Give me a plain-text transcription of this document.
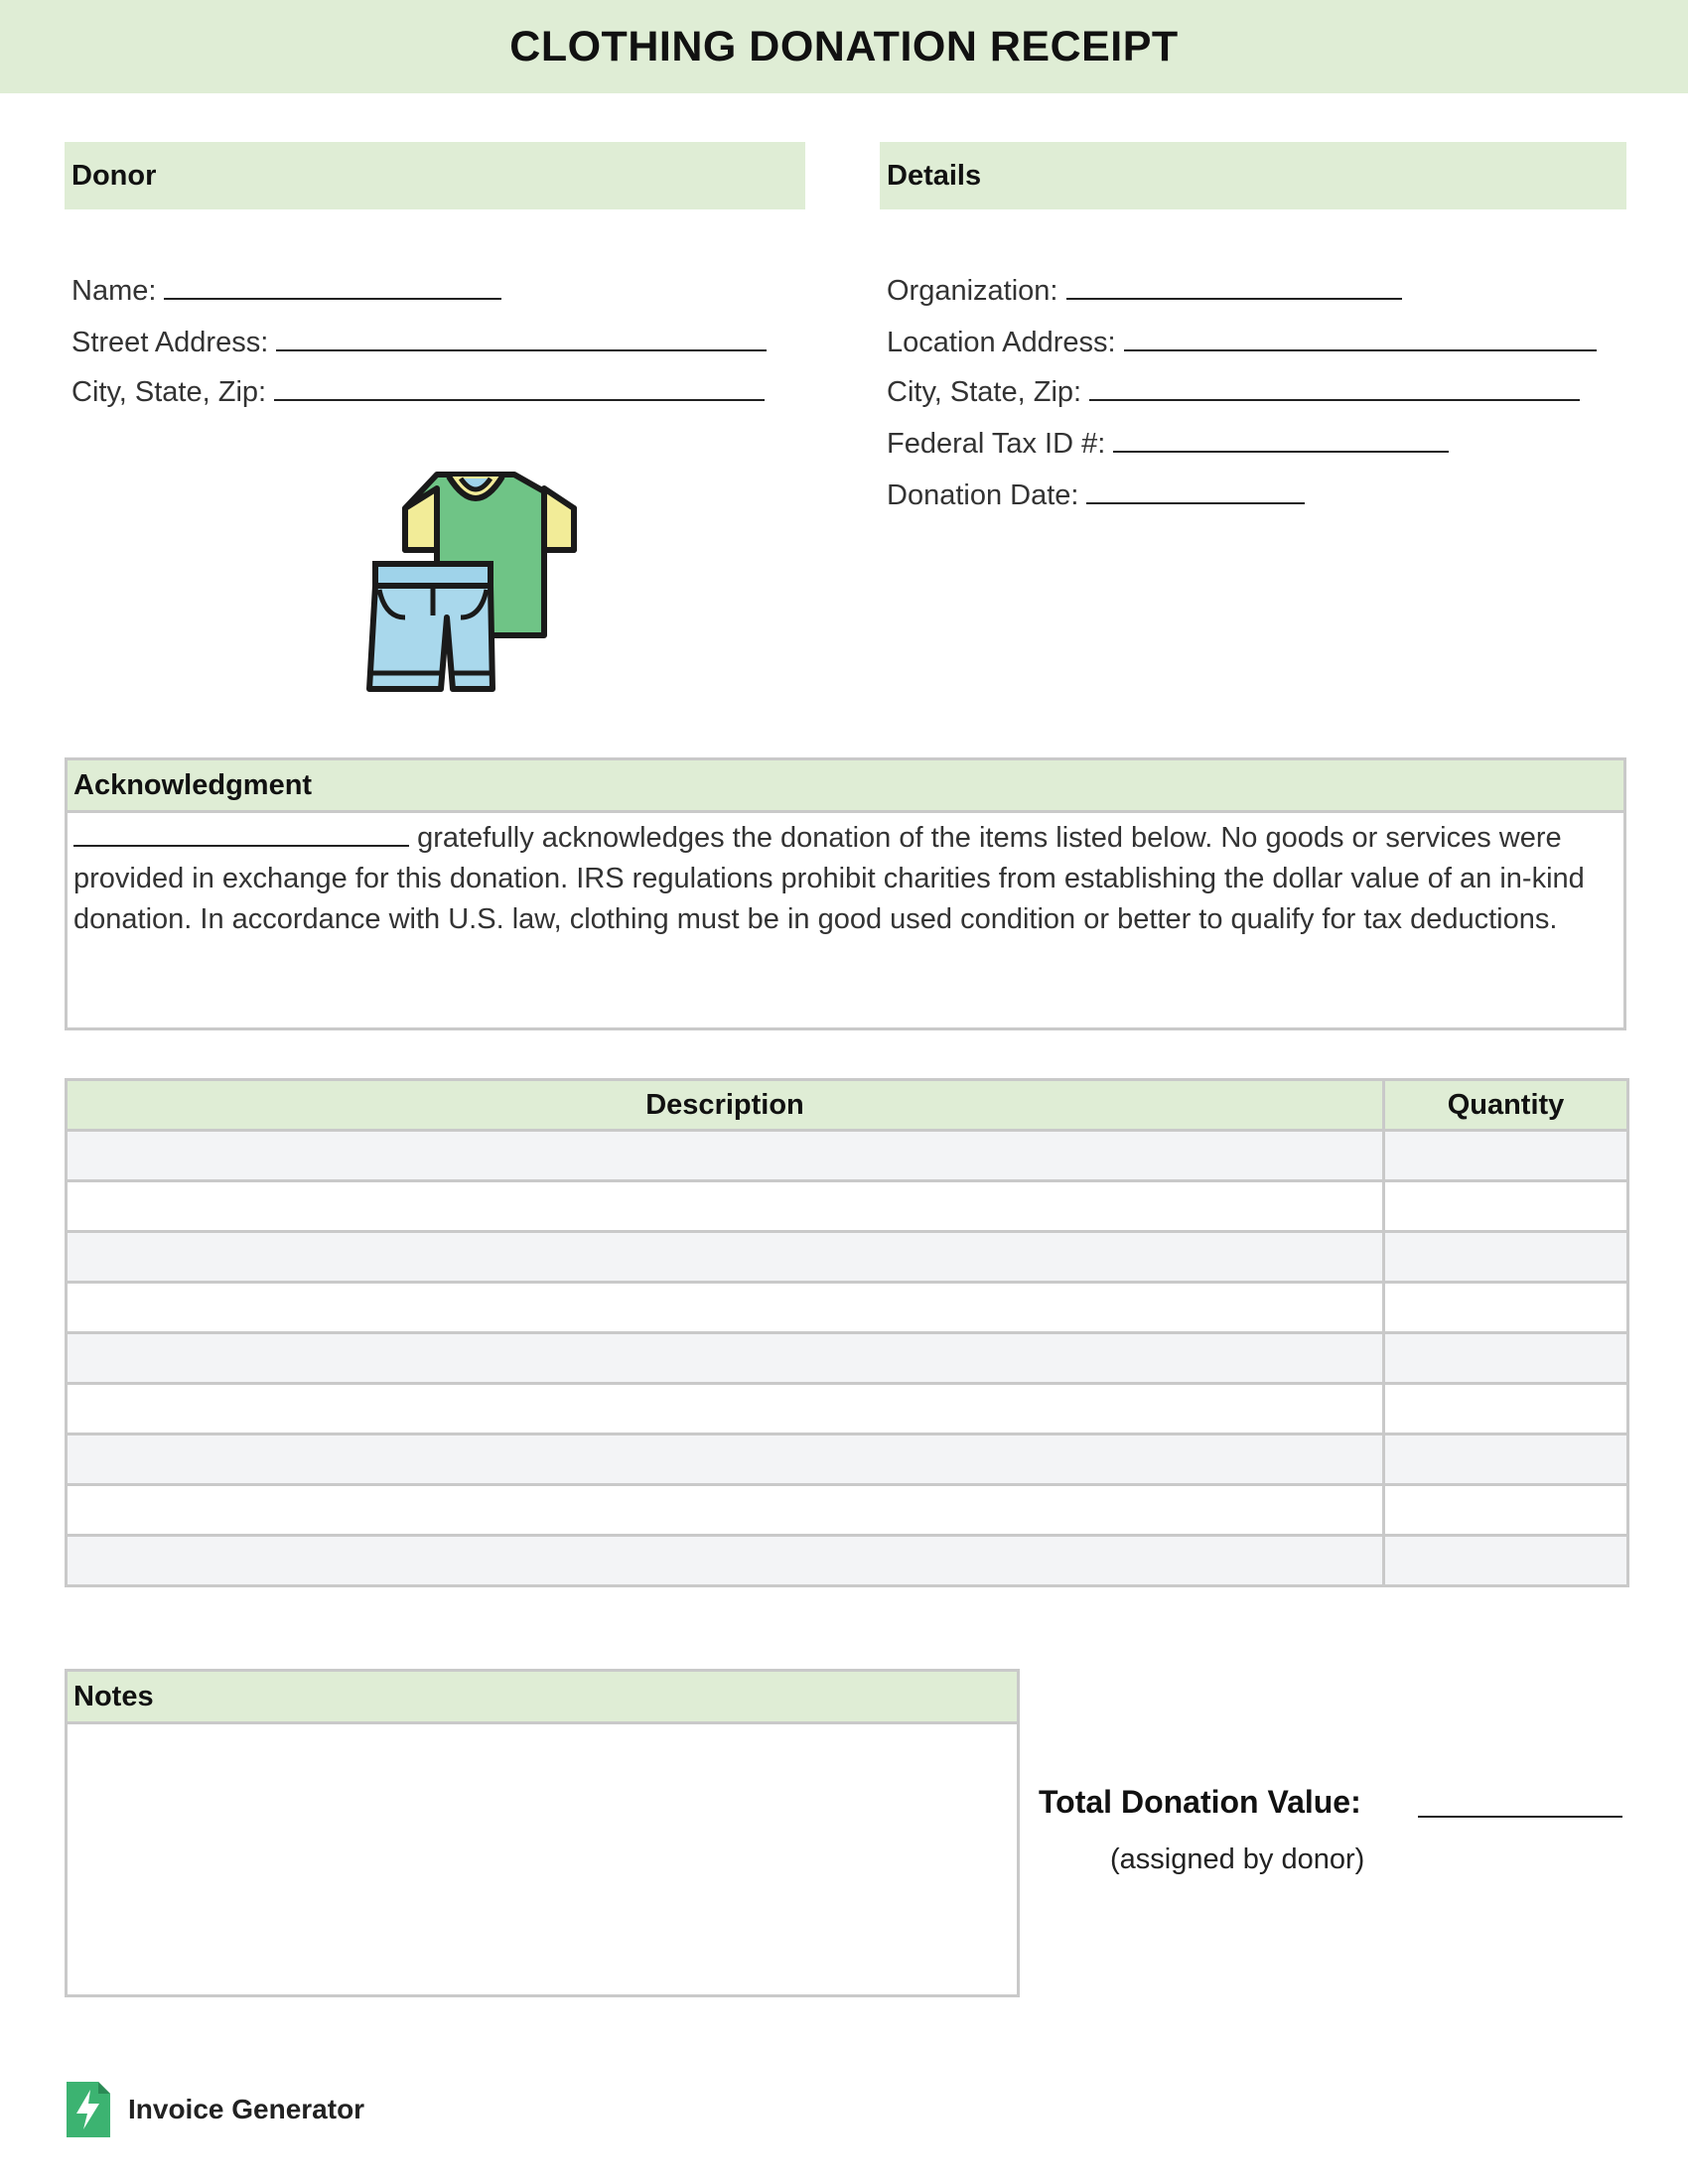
CLOTHING DONATION RECEIPT
Donor
Name:
Street Address:
City, State, Zip:
Details
Organization:
Location Address:
City, State, Zip:
Federal Tax ID #:
Donation Date:
Acknowledgment
gratefully acknowledges the donation of the items listed below. No goods or services were provided in exchange for this donation. IRS regulations prohibit charities from establishing the dollar value of an in-kind donation. In accordance with U.S. law, clothing must be in good used condition or better to qualify for tax deductions.
Description	Quantity

Notes
Total Donation Value:
(assigned by donor)
Invoice Generator
